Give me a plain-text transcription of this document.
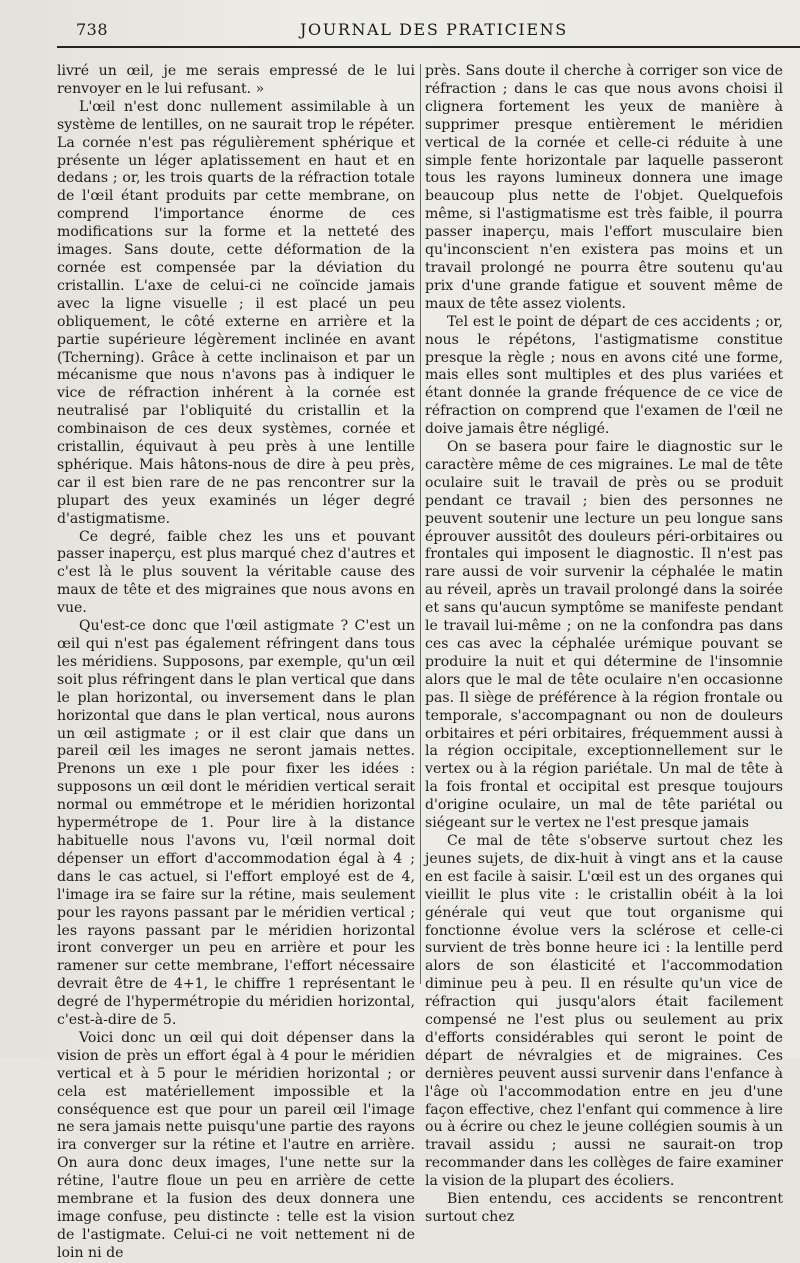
738	JOURNAL DES PRATICIENS

livré un œil, je me serais empressé de le lui renvoyer en le lui refusant. »

L'œil n'est donc nullement assimilable à un système de lentilles, on ne saurait trop le répéter. La cornée n'est pas régulièrement sphérique et présente un léger aplatissement en haut et en dedans ; or, les trois quarts de la réfraction totale de l'œil étant produits par cette membrane, on comprend l'importance énorme de ces modifications sur la forme et la netteté des images. Sans doute, cette déformation de la cornée est compensée par la déviation du cristallin. L'axe de celui-ci ne coïncide jamais avec la ligne visuelle ; il est placé un peu obliquement, le côté externe en arrière et la partie supérieure légèrement inclinée en avant (Tcherning). Grâce à cette inclinaison et par un mécanisme que nous n'avons pas à indiquer le vice de réfraction inhérent à la cornée est neutralisé par l'obliquité du cristallin et la combinaison de ces deux systèmes, cornée et cristallin, équivaut à peu près à une lentille sphérique. Mais hâtons-nous de dire à peu près, car il est bien rare de ne pas rencontrer sur la plupart des yeux examinés un léger degré d'astigmatisme.

Ce degré, faible chez les uns et pouvant passer inaperçu, est plus marqué chez d'autres et c'est là le plus souvent la véritable cause des maux de tête et des migraines que nous avons en vue.

Qu'est-ce donc que l'œil astigmate ? C'est un œil qui n'est pas également réfringent dans tous les méridiens. Supposons, par exemple, qu'un œil soit plus réfringent dans le plan vertical que dans le plan horizontal, ou inversement dans le plan horizontal que dans le plan vertical, nous aurons un œil astigmate ; or il est clair que dans un pareil œil les images ne seront jamais nettes. Prenons un exe ı ple pour fixer les idées : supposons un œil dont le méridien vertical serait normal ou emmétrope et le méridien horizontal hypermétrope de 1. Pour lire à la distance habituelle nous l'avons vu, l'œil normal doit dépenser un effort d'accommodation égal à 4 ; dans le cas actuel, si l'effort employé est de 4, l'image ira se faire sur la rétine, mais seulement pour les rayons passant par le méridien vertical ; les rayons passant par le méridien horizontal iront converger un peu en arrière et pour les ramener sur cette membrane, l'effort nécessaire devrait être de 4+1, le chiffre 1 représentant le degré de l'hypermétropie du méridien horizontal, c'est-à-dire de 5.

Voici donc un œil qui doit dépenser dans la vision de près un effort égal à 4 pour le méridien vertical et à 5 pour le méridien horizontal ; or cela est matériellement impossible et la conséquence est que pour un pareil œil l'image ne sera jamais nette puisqu'une partie des rayons ira converger sur la rétine et l'autre en arrière. On aura donc deux images, l'une nette sur la rétine, l'autre floue un peu en arrière de cette membrane et la fusion des deux donnera une image confuse, peu distincte : telle est la vision de l'astigmate. Celui-ci ne voit nettement ni de loin ni de

près. Sans doute il cherche à corriger son vice de réfraction ; dans le cas que nous avons choisi il clignera fortement les yeux de manière à supprimer presque entièrement le méridien vertical de la cornée et celle-ci réduite à une simple fente horizontale par laquelle passeront tous les rayons lumineux donnera une image beaucoup plus nette de l'objet. Quelquefois même, si l'astigmatisme est très faible, il pourra passer inaperçu, mais l'effort musculaire bien qu'inconscient n'en existera pas moins et un travail prolongé ne pourra être soutenu qu'au prix d'une grande fatigue et souvent même de maux de tête assez violents.

Tel est le point de départ de ces accidents ; or, nous le répétons, l'astigmatisme constitue presque la règle ; nous en avons cité une forme, mais elles sont multiples et des plus variées et étant donnée la grande fréquence de ce vice de réfraction on comprend que l'examen de l'œil ne doive jamais être négligé.

On se basera pour faire le diagnostic sur le caractère même de ces migraines. Le mal de tête oculaire suit le travail de près ou se produit pendant ce travail ; bien des personnes ne peuvent soutenir une lecture un peu longue sans éprouver aussitôt des douleurs péri-orbitaires ou frontales qui imposent le diagnostic. Il n'est pas rare aussi de voir survenir la céphalée le matin au réveil, après un travail prolongé dans la soirée et sans qu'aucun symptôme se manifeste pendant le travail lui-même ; on ne la confondra pas dans ces cas avec la céphalée urémique pouvant se produire la nuit et qui détermine de l'insomnie alors que le mal de tête oculaire n'en occasionne pas. Il siège de préférence à la région frontale ou temporale, s'accompagnant ou non de douleurs orbitaires et péri orbitaires, fréquemment aussi à la région occipitale, exceptionnellement sur le vertex ou à la région pariétale. Un mal de tête à la fois frontal et occipital est presque toujours d'origine oculaire, un mal de tête pariétal ou siégeant sur le vertex ne l'est presque jamais

Ce mal de tête s'observe surtout chez les jeunes sujets, de dix-huit à vingt ans et la cause en est facile à saisir. L'œil est un des organes qui vieillit le plus vite : le cristallin obéit à la loi générale qui veut que tout organisme qui fonctionne évolue vers la sclérose et celle-ci survient de très bonne heure ici : la lentille perd alors de son élasticité et l'accommodation diminue peu à peu. Il en résulte qu'un vice de réfraction qui jusqu'alors était facilement compensé ne l'est plus ou seulement au prix d'efforts considérables qui seront le point de départ de névralgies et de migraines. Ces dernières peuvent aussi survenir dans l'enfance à l'âge où l'accommodation entre en jeu d'une façon effective, chez l'enfant qui commence à lire ou à écrire ou chez le jeune collégien soumis à un travail assidu ; aussi ne saurait-on trop recommander dans les collèges de faire examiner la vision de la plupart des écoliers.

Bien entendu, ces accidents se rencontrent surtout chez
